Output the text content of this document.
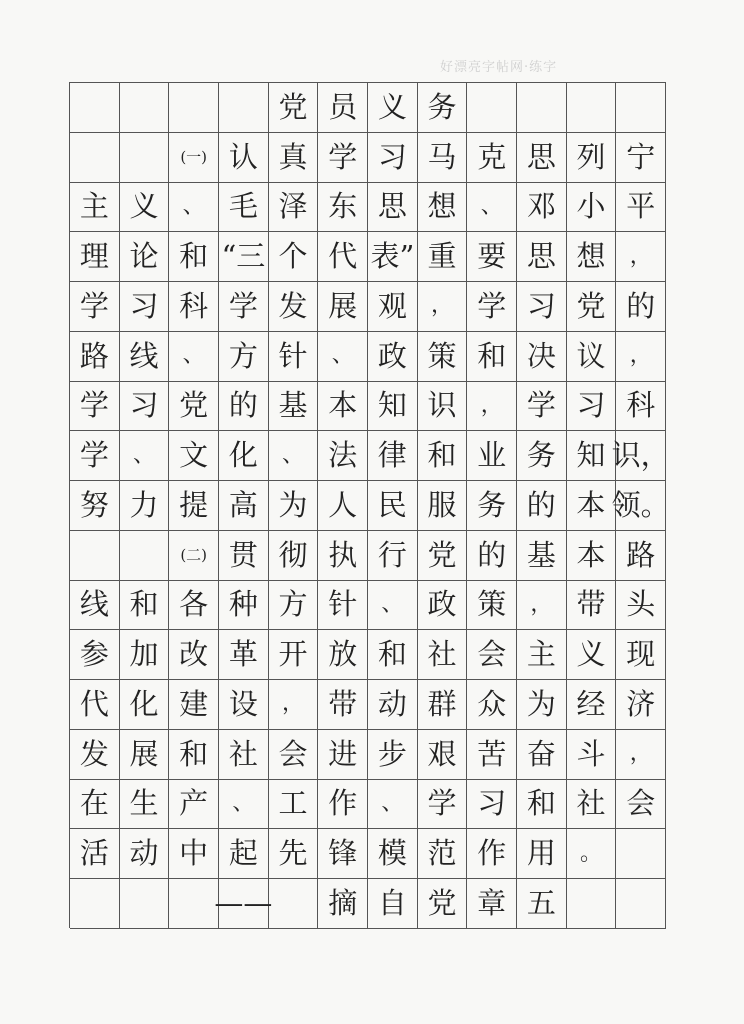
好漂亮字帖网·练字
党 员 义 务
(一) 认 真 学 习 马 克 思 列 宁
主 义	、 毛 泽 东 思 想	、 邓 小 平
理 论 和 “三 个 代 表” 重 要 思 想	，
学 习 科 学 发 展 观	， 学 习 党 的
路 线	、 方 针	、 政 策 和 决 议	，
学 习 党 的 基 本 知 识	， 学 习 科
学	、 文 化	、 法 律 和 业 务 知 识，
努 力 提 高 为 人 民 服 务 的 本 领。
(二) 贯 彻 执 行 党 的 基 本 路
线 和 各 种 方 针	、 政 策	， 带 头
参 加 改 革 开 放 和 社 会 主 义 现
代 化 建 设	， 带 动 群 众 为 经 济
发 展 和 社 会 进 步 艰 苦 奋 斗	，
在 生 产	、 工 作	、 学 习 和 社 会
活 动 中 起 先 锋 模 范 作 用	。
——	摘 自 党 章 五
